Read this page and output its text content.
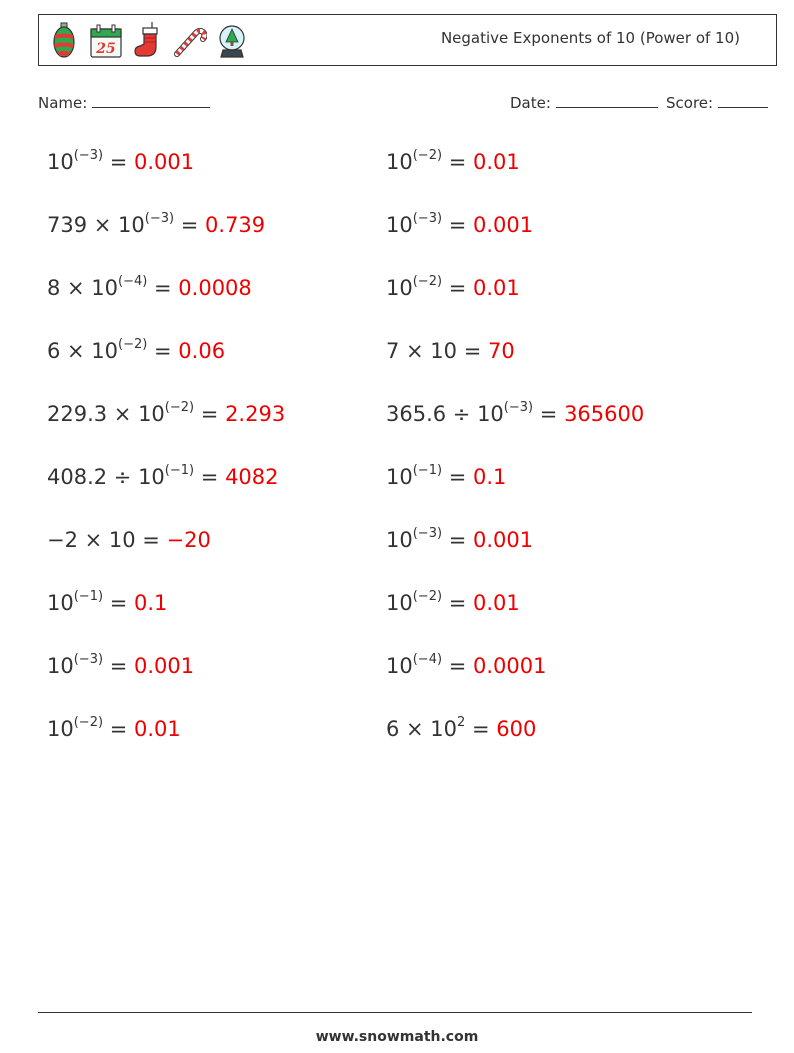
25
Negative Exponents of 10 (Power of 10)
Name:	Date:	Score:
$10^{(-3)} = 0.001$
$739 \times 10^{(-3)} = 0.739$
$8 \times 10^{(-4)} = 0.0008$
$6 \times 10^{(-2)} = 0.06$
$229.3 \times 10^{(-2)} = 2.293$
$408.2 \div 10^{(-1)} = 4082$
−2 × 10 = −20
$10^{(-1)} = 0.1$
$10^{(-3)} = 0.001$
$10^{(-2)} = 0.01$
$10^{(-2)} = 0.01$
$10^{(-3)} = 0.001$
$10^{(-2)} = 0.01$
7 × 10 = 70
$365.6 \div 10^{(-3)} = 365600$
$10^{(-1)} = 0.1$
$10^{(-3)} = 0.001$
$10^{(-2)} = 0.01$
$10^{(-4)} = 0.0001$
$6 \times 10^2 = 600$
www.snowmath.com
